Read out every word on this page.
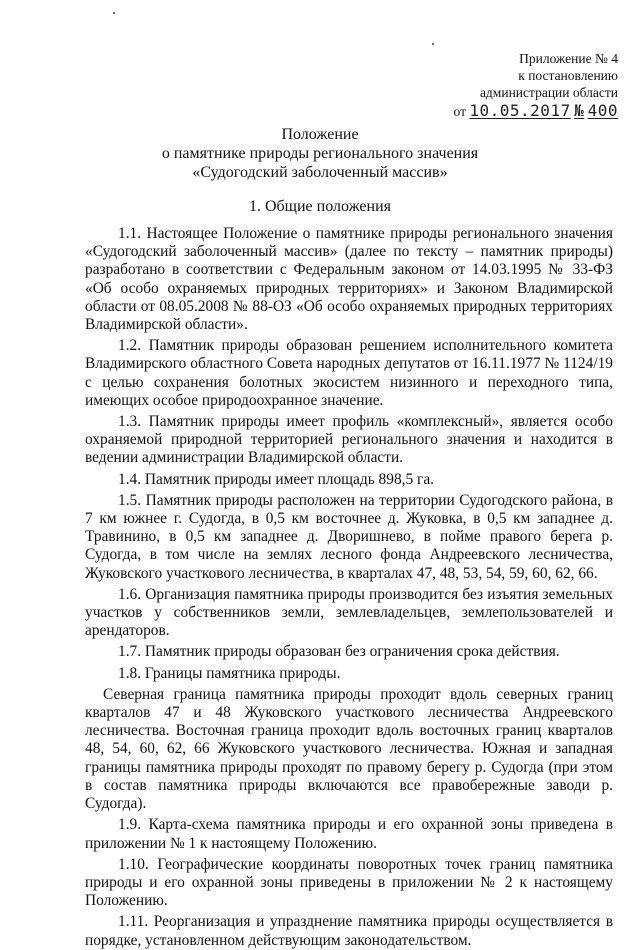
Приложение № 4
к постановлению
администрации области
от 10.05.2017 № 400
Положение
о памятнике природы регионального значения
«Судогодский заболоченный массив»
1. Общие положения

1.1. Настоящее Положение о памятнике природы регионального значения «Судогодский заболоченный массив» (далее по тексту – памятник природы) разработано в соответствии с Федеральным законом от 14.03.1995 № 33-ФЗ «Об особо охраняемых природных территориях» и Законом Владимирской области от 08.05.2008 № 88-ОЗ «Об особо охраняемых природных территориях Владимирской области».

1.2. Памятник природы образован решением исполнительного комитета Владимирского областного Совета народных депутатов от 16.11.1977 № 1124/19 с целью сохранения болотных экосистем низинного и переходного типа, имеющих особое природоохранное значение.

1.3. Памятник природы имеет профиль «комплексный», является особо охраняемой природной территорией регионального значения и находится в ведении администрации Владимирской области.

1.4. Памятник природы имеет площадь 898,5 га.

1.5. Памятник природы расположен на территории Судогодского района, в 7 км южнее г. Судогда, в 0,5 км восточнее д. Жуковка, в 0,5 км западнее д. Травинино, в 0,5 км западнее д. Дворишнево, в пойме правого берега р. Судогда, в том числе на землях лесного фонда Андреевского лесничества, Жуковского участкового лесничества, в кварталах 47, 48, 53, 54, 59, 60, 62, 66.

1.6. Организация памятника природы производится без изъятия земельных участков у собственников земли, землевладельцев, землепользователей и арендаторов.

1.7. Памятник природы образован без ограничения срока действия.

1.8. Границы памятника природы.

Северная граница памятника природы проходит вдоль северных границ кварталов 47 и 48 Жуковского участкового лесничества Андреевского лесничества. Восточная граница проходит вдоль восточных границ кварталов 48, 54, 60, 62, 66 Жуковского участкового лесничества. Южная и западная границы памятника природы проходят по правому берегу р. Судогда (при этом в состав памятника природы включаются все правобережные заводи р. Судогда).

1.9. Карта-схема памятника природы и его охранной зоны приведена в приложении № 1 к настоящему Положению.

1.10. Географические координаты поворотных точек границ памятника природы и его охранной зоны приведены в приложении № 2 к настоящему Положению.

1.11. Реорганизация и упразднение памятника природы осуществляется в порядке, установленном действующим законодательством.
